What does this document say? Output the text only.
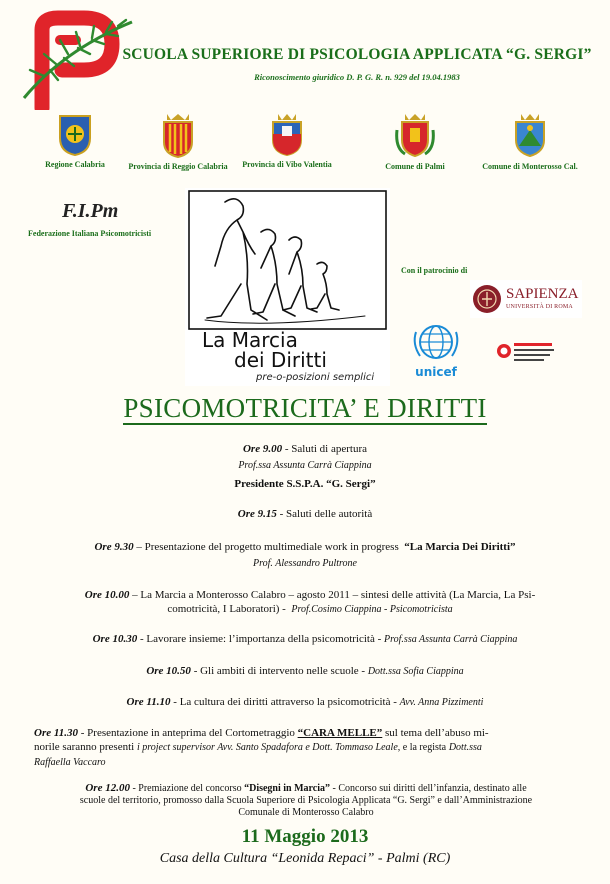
SCUOLA SUPERIORE DI PSICOLOGIA APPLICATA “G. SERGI”
Riconoscimento giuridico D. P. G. R. n. 929 del 19.04.1983
Regione Calabria	Provincia di Reggio Calabria	Provincia di Vibo Valentia	Comune di Palmi	Comune di Monterosso Cal.
F.I.Pm
Federazione Italiana Psicomotricisti
La Marcia
dei Diritti
pre-o-posizioni semplici
Con il patrocinio di
SAPIENZA
UNIVERSITÀ DI ROMA
unicef
PSICOMOTRICITA’ E DIRITTI
Ore 9.00 - Saluti di apertura
Prof.ssa Assunta Carrà Ciappina
Presidente S.S.P.A. “G. Sergi”
Ore 9.15 - Saluti delle autorità
Ore 9.30 – Presentazione del progetto multimediale work in progress “La Marcia Dei Diritti”
Prof. Alessandro Pultrone
Ore 10.00 – La Marcia a Monterosso Calabro – agosto 2011 – sintesi delle attività (La Marcia, La Psi-
comotricità, I Laboratori) - Prof.Cosimo Ciappina - Psicomotricista
Ore 10.30 - Lavorare insieme: l’importanza della psicomotricità - Prof.ssa Assunta Carrà Ciappina
Ore 10.50 - Gli ambiti di intervento nelle scuole - Dott.ssa Sofia Ciappina
Ore 11.10 - La cultura dei diritti attraverso la psicomotricità - Avv. Anna Pizzimenti
Ore 11.30 - Presentazione in anteprima del Cortometraggio “CARA MELLE” sul tema dell’abuso mi-
norile saranno presenti i project supervisor Avv. Santo Spadafora e Dott. Tommaso Leale, e la regista Dott.ssa
Raffaella Vaccaro
Ore 12.00 - Premiazione del concorso “Disegni in Marcia” - Concorso sui diritti dell’infanzia, destinato alle
scuole del territorio, promosso dalla Scuola Superiore di Psicologia Applicata “G. Sergi” e dall’Amministrazione
Comunale di Monterosso Calabro
11 Maggio 2013
Casa della Cultura “Leonida Repaci” - Palmi (RC)
